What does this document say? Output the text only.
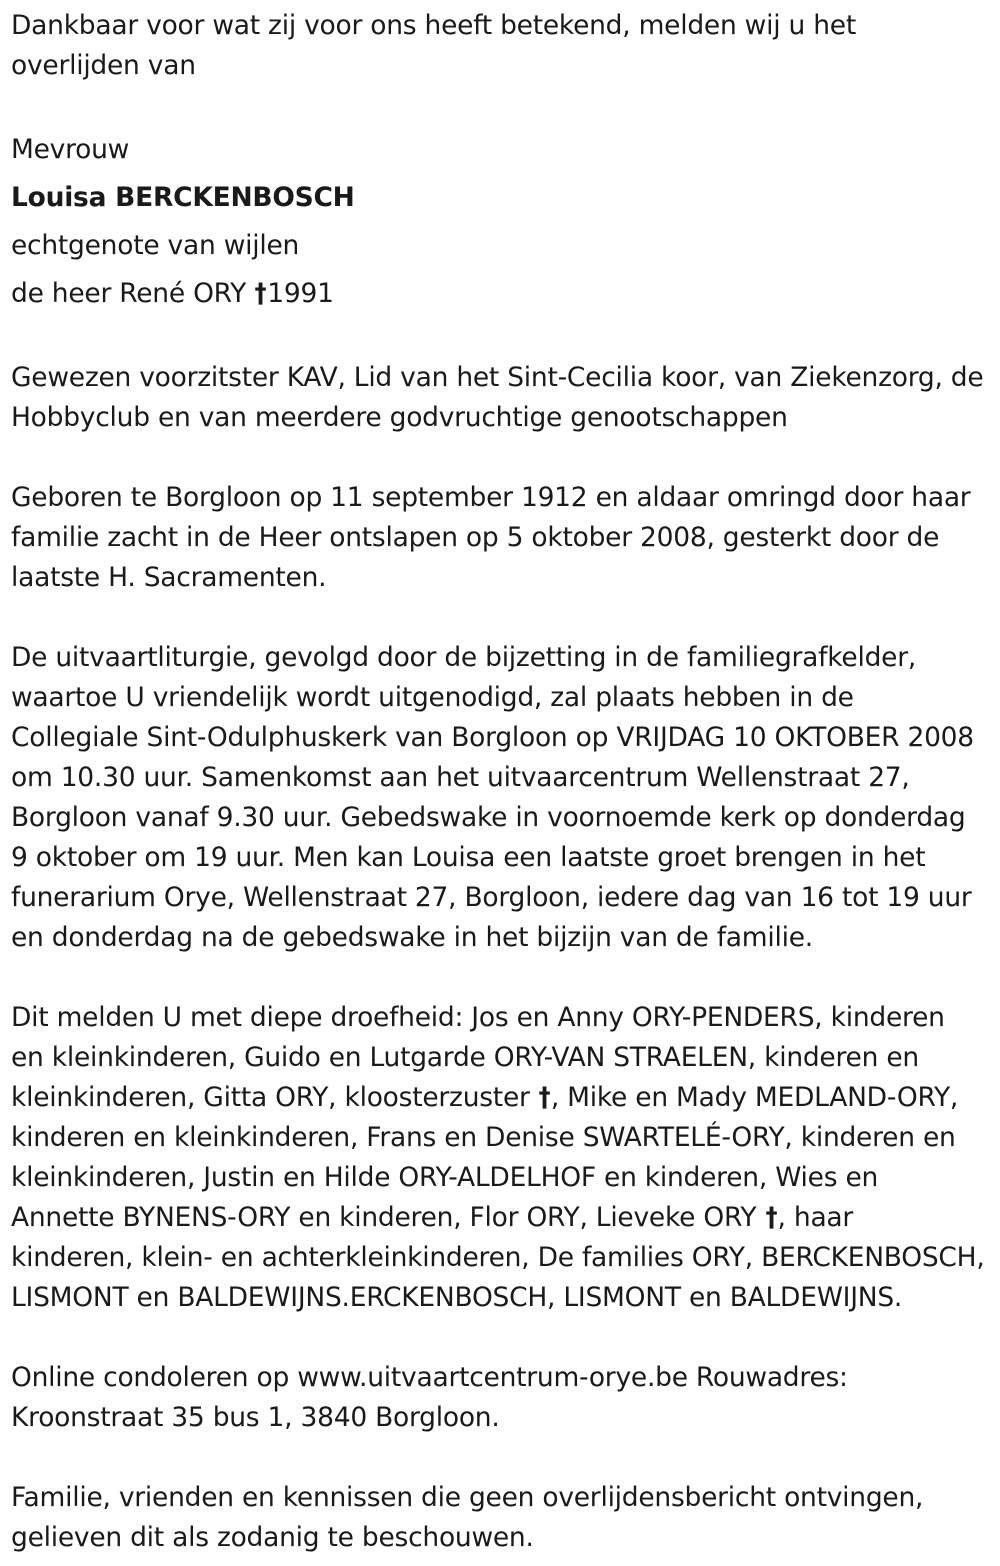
Dankbaar voor wat zij voor ons heeft betekend, melden wij u het
overlijden van

Mevrouw
Louisa BERCKENBOSCH
echtgenote van wijlen
de heer René ORY †1991

Gewezen voorzitster KAV, Lid van het Sint-Cecilia koor, van Ziekenzorg, de
Hobbyclub en van meerdere godvruchtige genootschappen

Geboren te Borgloon op 11 september 1912 en aldaar omringd door haar
familie zacht in de Heer ontslapen op 5 oktober 2008, gesterkt door de
laatste H. Sacramenten.

De uitvaartliturgie, gevolgd door de bijzetting in de familiegrafkelder,
waartoe U vriendelijk wordt uitgenodigd, zal plaats hebben in de
Collegiale Sint-Odulphuskerk van Borgloon op VRIJDAG 10 OKTOBER 2008
om 10.30 uur. Samenkomst aan het uitvaarcentrum Wellenstraat 27,
Borgloon vanaf 9.30 uur. Gebedswake in voornoemde kerk op donderdag
9 oktober om 19 uur. Men kan Louisa een laatste groet brengen in het
funerarium Orye, Wellenstraat 27, Borgloon, iedere dag van 16 tot 19 uur
en donderdag na de gebedswake in het bijzijn van de familie.

Dit melden U met diepe droefheid: Jos en Anny ORY-PENDERS, kinderen
en kleinkinderen, Guido en Lutgarde ORY-VAN STRAELEN, kinderen en
kleinkinderen, Gitta ORY, kloosterzuster †, Mike en Mady MEDLAND-ORY,
kinderen en kleinkinderen, Frans en Denise SWARTELÉ-ORY, kinderen en
kleinkinderen, Justin en Hilde ORY-ALDELHOF en kinderen, Wies en
Annette BYNENS-ORY en kinderen, Flor ORY, Lieveke ORY †, haar
kinderen, klein- en achterkleinkinderen, De families ORY, BERCKENBOSCH,
LISMONT en BALDEWIJNS.ERCKENBOSCH, LISMONT en BALDEWIJNS.

Online condoleren op www.uitvaartcentrum-orye.be Rouwadres:
Kroonstraat 35 bus 1, 3840 Borgloon.

Familie, vrienden en kennissen die geen overlijdensbericht ontvingen,
gelieven dit als zodanig te beschouwen.
